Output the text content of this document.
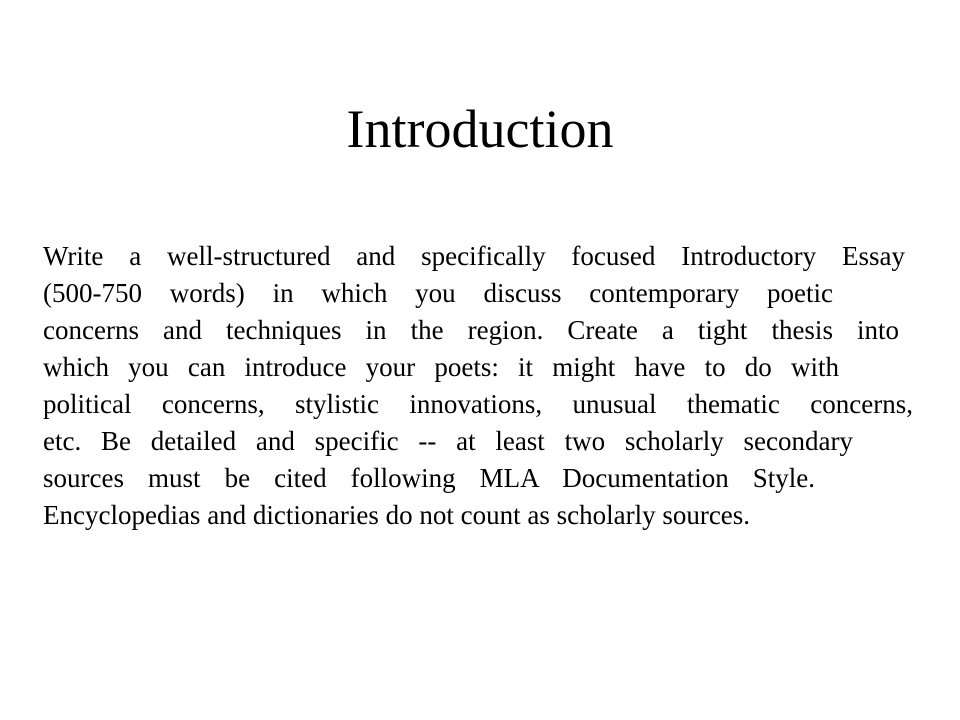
Introduction
Write a well-structured and specifically focused Introductory Essay
(500-750 words) in which you discuss contemporary poetic
concerns and techniques in the region. Create a tight thesis into
which you can introduce your poets: it might have to do with
political concerns, stylistic innovations, unusual thematic concerns,
etc. Be detailed and specific -- at least two scholarly secondary
sources must be cited following MLA Documentation Style.
Encyclopedias and dictionaries do not count as scholarly sources.
